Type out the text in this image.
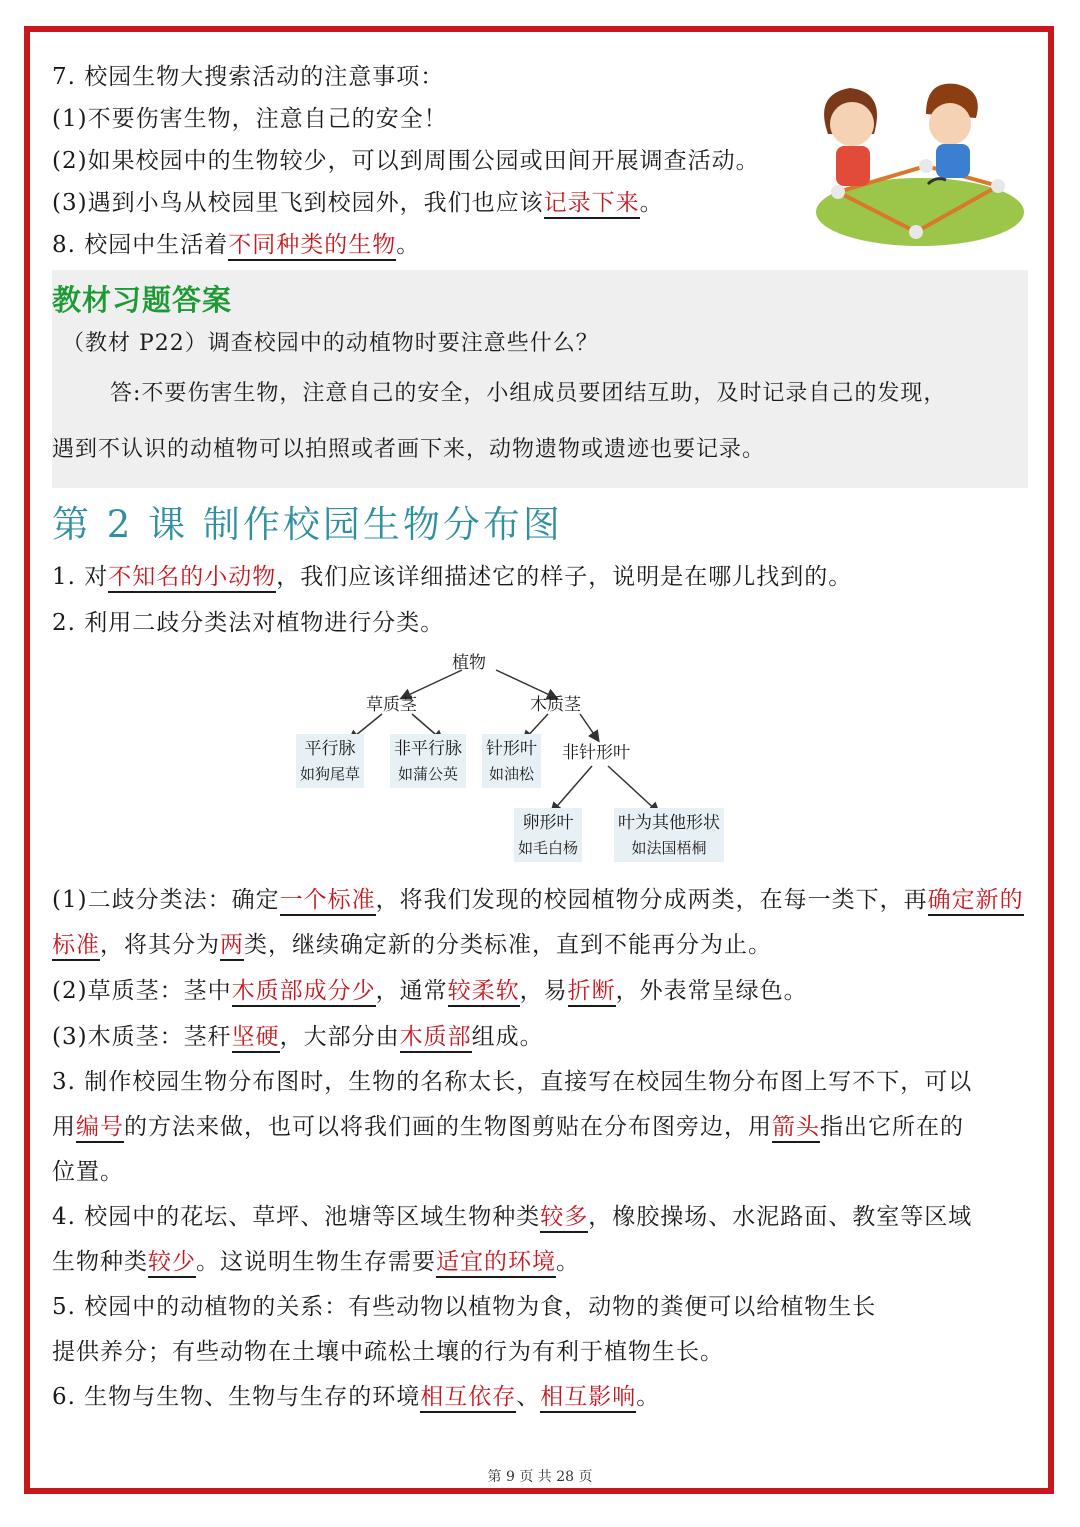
7. 校园生物大搜索活动的注意事项：
(1)不要伤害生物，注意自己的安全！
(2)如果校园中的生物较少，可以到周围公园或田间开展调查活动。
(3)遇到小鸟从校园里飞到校园外，我们也应该记录下来。
8. 校园中生活着不同种类的生物。
教材习题答案
（教材 P22）调查校园中的动植物时要注意些什么？
答:不要伤害生物，注意自己的安全，小组成员要团结互助，及时记录自己的发现，
遇到不认识的动植物可以拍照或者画下来，动物遗物或遗迹也要记录。
第 2 课 制作校园生物分布图
1. 对不知名的小动物，我们应该详细描述它的样子，说明是在哪儿找到的。
2. 利用二歧分类法对植物进行分类。
植物
草质茎	木质茎
平行脉
如狗尾草
非平行脉
如蒲公英
针形叶
如油松
非针形叶
卵形叶
如毛白杨
叶为其他形状
如法国梧桐
(1)二歧分类法：确定一个标准，将我们发现的校园植物分成两类，在每一类下，再确定新的标准，将其分为两类，继续确定新的分类标准，直到不能再分为止。
(2)草质茎：茎中木质部成分少，通常较柔软，易折断，外表常呈绿色。
(3)木质茎：茎秆坚硬，大部分由木质部组成。
3. 制作校园生物分布图时，生物的名称太长，直接写在校园生物分布图上写不下，可以
用编号的方法来做，也可以将我们画的生物图剪贴在分布图旁边，用箭头指出它所在的
位置。
4. 校园中的花坛、草坪、池塘等区域生物种类较多，橡胶操场、水泥路面、教室等区域
生物种类较少。这说明生物生存需要适宜的环境。
5. 校园中的动植物的关系：有些动物以植物为食，动物的粪便可以给植物生长
提供养分；有些动物在土壤中疏松土壤的行为有利于植物生长。
6. 生物与生物、生物与生存的环境相互依存、相互影响。
第 9 页 共 28 页
